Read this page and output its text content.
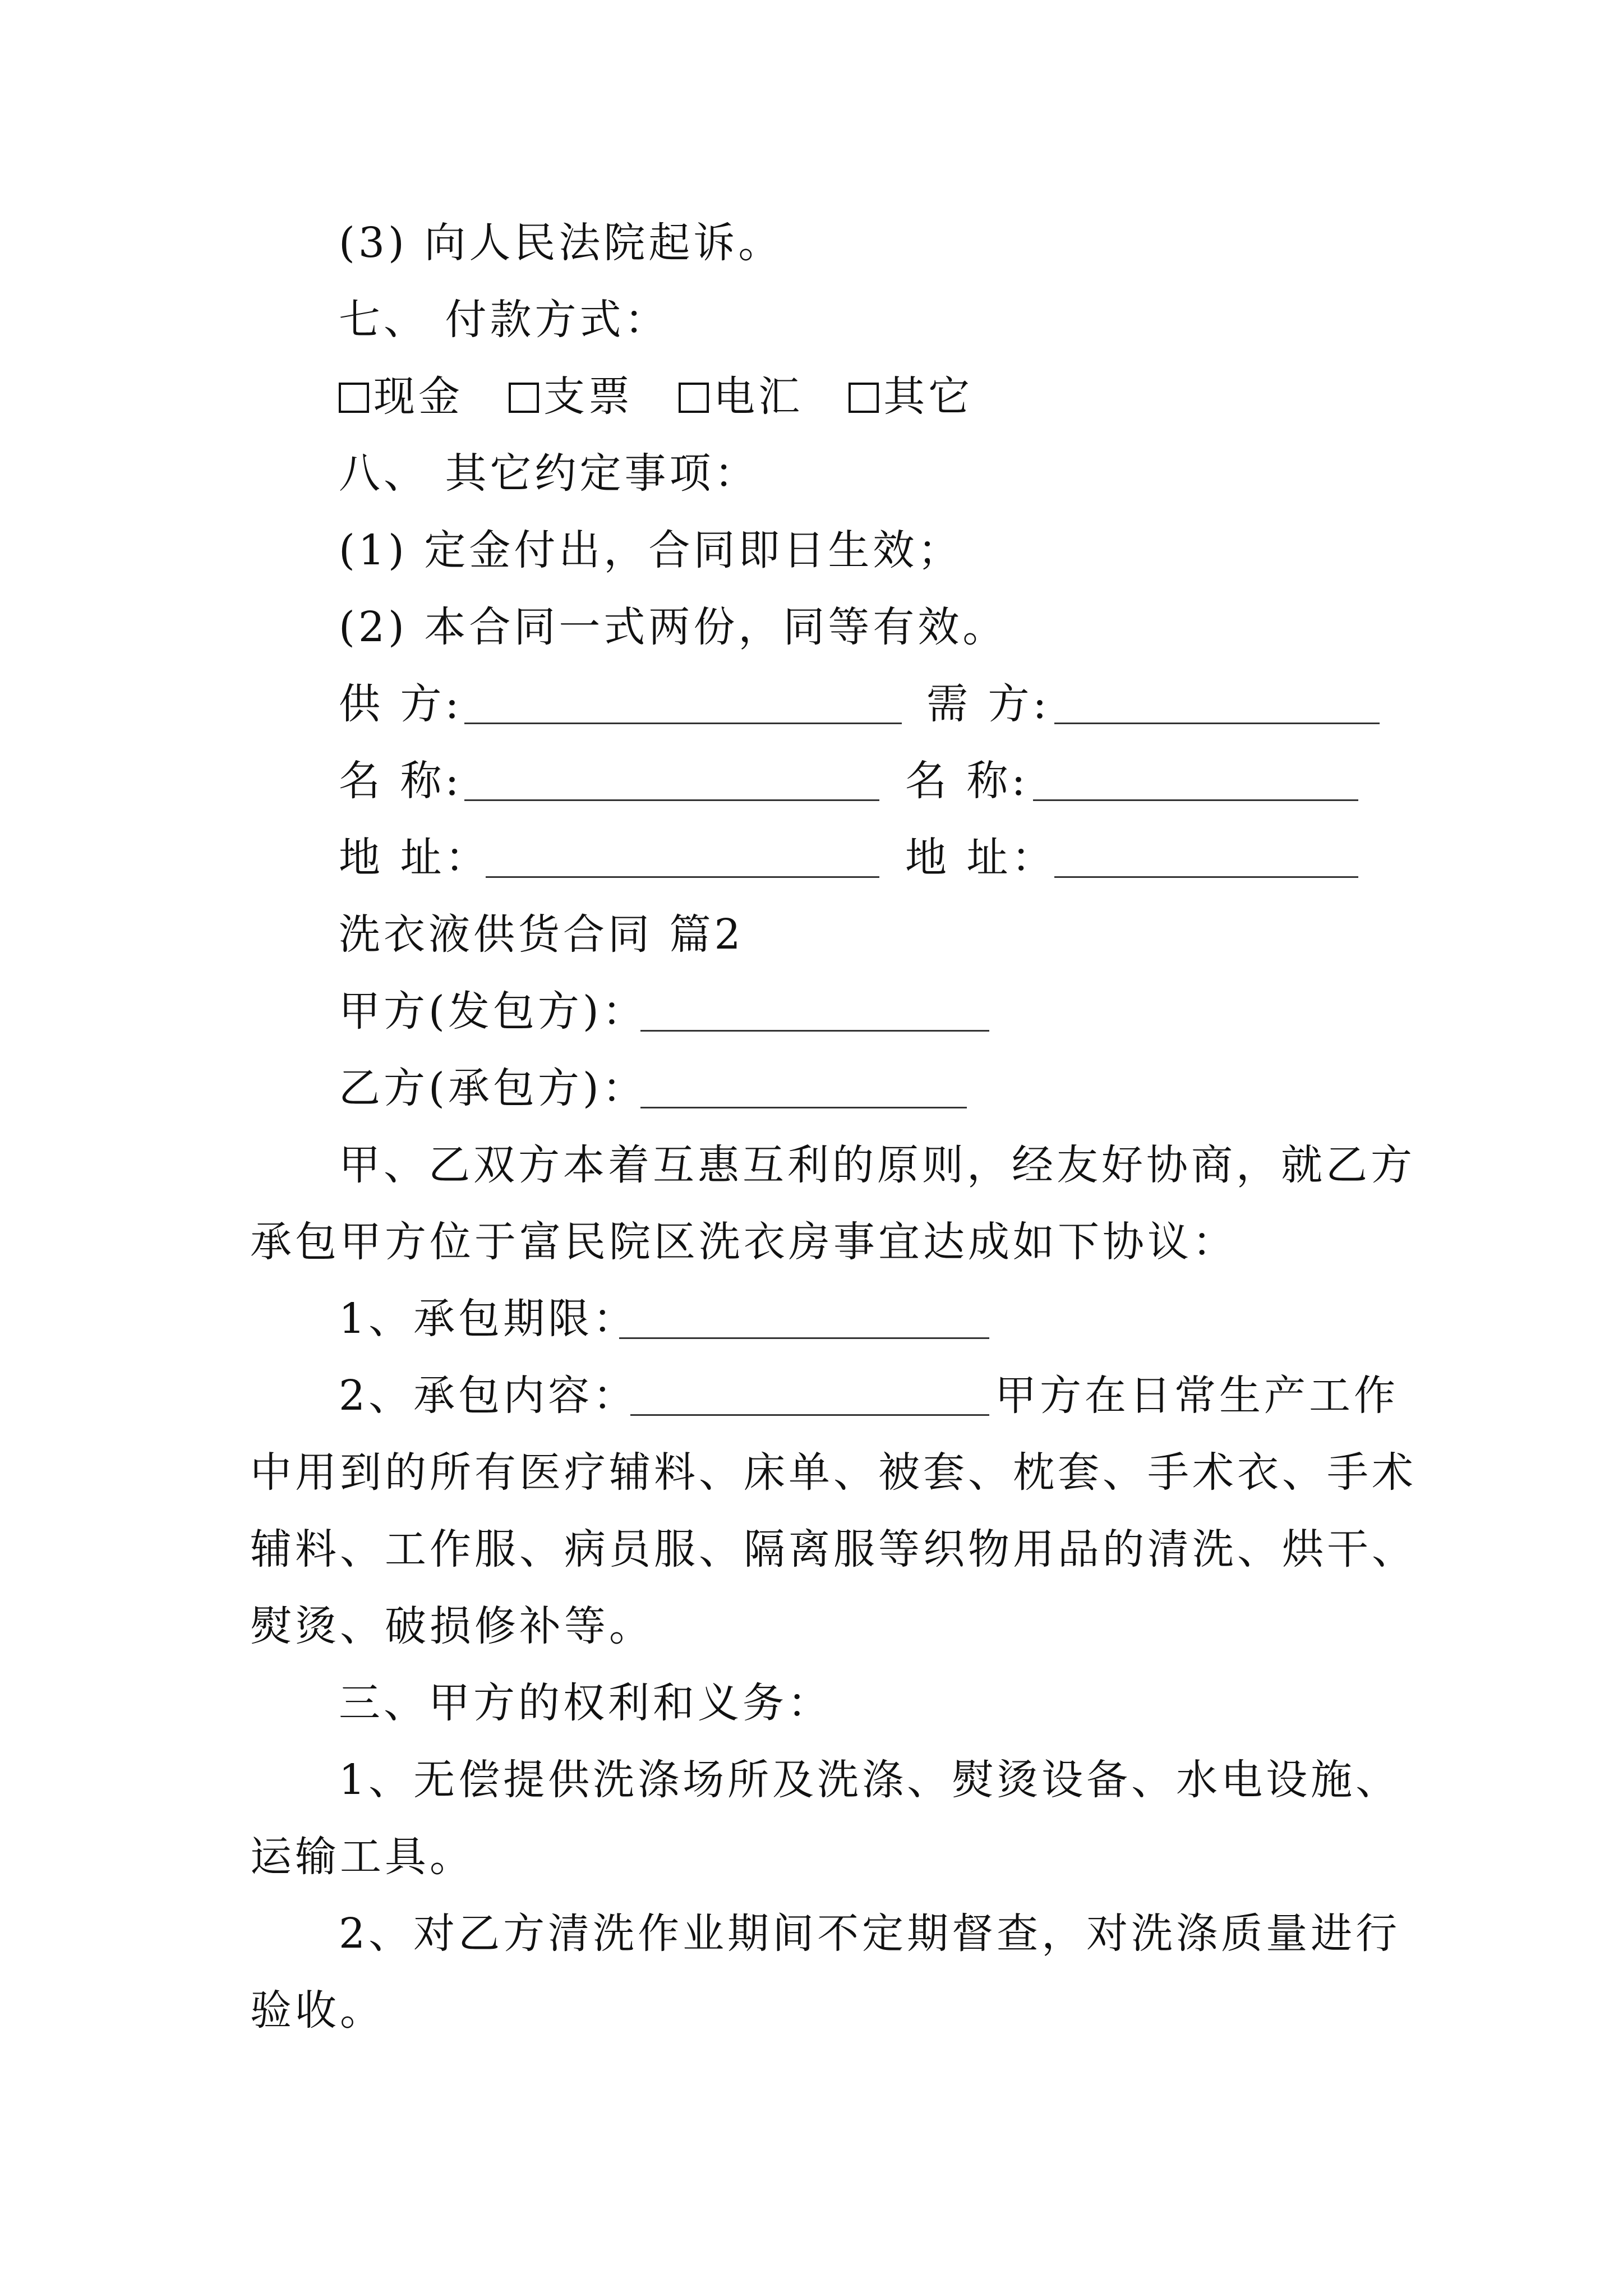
(3) 向人民法院起诉。
七、 付款方式：
现金 支票 电汇 其它
八、 其它约定事项：
(1) 定金付出，合同即日生效；
(2) 本合同一式两份，同等有效。
供 方:	需 方:
名 称:	名 称:
地 址：	地 址：
洗衣液供货合同 篇2
甲方(发包方)：
乙方(承包方)：
甲、乙双方本着互惠互利的原则，经友好协商，就乙方
承包甲方位于富民院区洗衣房事宜达成如下协议：
1、承包期限：
2、承包内容：	甲方在日常生产工作
中用到的所有医疗辅料、床单、被套、枕套、手术衣、手术
辅料、工作服、病员服、隔离服等织物用品的清洗、烘干、
熨烫、破损修补等。
三、甲方的权利和义务：
1、无偿提供洗涤场所及洗涤、熨烫设备、水电设施、
运输工具。
2、对乙方清洗作业期间不定期督查，对洗涤质量进行
验收。
